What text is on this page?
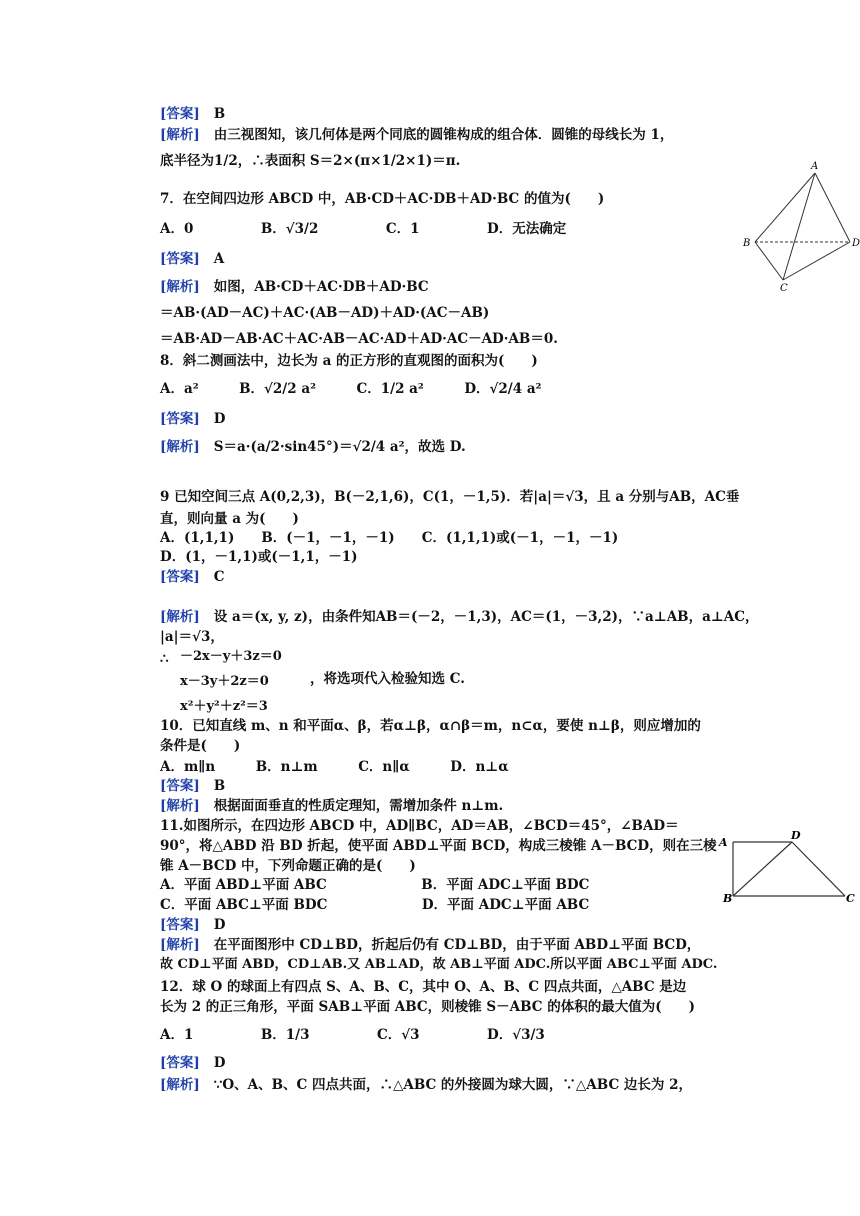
[答案] B
[解析] 由三视图知，该几何体是两个同底的圆锥构成的组合体．圆锥的母线长为 1，
底半径为1/2，∴表面积 S＝2×(π×1/2×1)＝π.
7．在空间四边形 ABCD 中，AB·CD＋AC·DB＋AD·BC 的值为(　　)
A．0　　　　　B．√3/2　　　　　C．1　　　　　D．无法确定
[答案] A
[解析] 如图，AB·CD＋AC·DB＋AD·BC
＝AB·(AD－AC)＋AC·(AB－AD)＋AD·(AC－AB)
＝AB·AD－AB·AC＋AC·AB－AC·AD＋AD·AC－AD·AB＝0.
8．斜二测画法中，边长为 a 的正方形的直观图的面积为(　　)
A．a²　　　B．√2/2 a²　　　C．1/2 a²　　　D．√2/4 a²
[答案] D
[解析] S＝a·(a/2·sin45°)＝√2/4 a²，故选 D.
9 已知空间三点 A(0,2,3)，B(－2,1,6)，C(1，－1,5)．若|a|＝√3，且 a 分别与AB，AC垂
直，则向量 a 为(　　)
A．(1,1,1)　　B．(－1，－1，－1)　　C．(1,1,1)或(－1，－1，－1)
D．(1，－1,1)或(－1,1，－1)
[答案] C
[解析] 设 a＝(x, y, z)，由条件知AB＝(－2，－1,3)，AC＝(1，－3,2)，∵a⊥AB，a⊥AC，
|a|＝√3，
∴ －2x－y＋3z＝0
x－3y＋2z＝0
x²＋y²＋z²＝3
，将选项代入检验知选 C.
10．已知直线 m、n 和平面α、β，若α⊥β，α∩β＝m，n⊂α，要使 n⊥β，则应增加的
条件是(　　)
A．m∥n　　　B．n⊥m　　　C．n∥α　　　D．n⊥α
[答案] B
[解析] 根据面面垂直的性质定理知，需增加条件 n⊥m.
11.如图所示，在四边形 ABCD 中，AD∥BC，AD＝AB，∠BCD＝45°，∠BAD＝
90°，将△ABD 沿 BD 折起，使平面 ABD⊥平面 BCD，构成三棱锥 A－BCD，则在三棱
锥 A－BCD 中，下列命题正确的是(　　)
A．平面 ABD⊥平面 ABC　　　　　　　B．平面 ADC⊥平面 BDC
C．平面 ABC⊥平面 BDC　　　　　　　D．平面 ADC⊥平面 ABC
[答案] D
[解析] 在平面图形中 CD⊥BD，折起后仍有 CD⊥BD，由于平面 ABD⊥平面 BCD，
故 CD⊥平面 ABD，CD⊥AB.又 AB⊥AD，故 AB⊥平面 ADC.所以平面 ABC⊥平面 ADC.
12．球 O 的球面上有四点 S、A、B、C，其中 O、A、B、C 四点共面，△ABC 是边
长为 2 的正三角形，平面 SAB⊥平面 ABC，则棱锥 S－ABC 的体积的最大值为(　　)
A．1　　　　　B．1/3　　　　　C．√3　　　　　D．√3/3
[答案] D
[解析] ∵O、A、B、C 四点共面，∴△ABC 的外接圆为球大圆，∵△ABC 边长为 2，
A
B
C
D
A
D
B	C
